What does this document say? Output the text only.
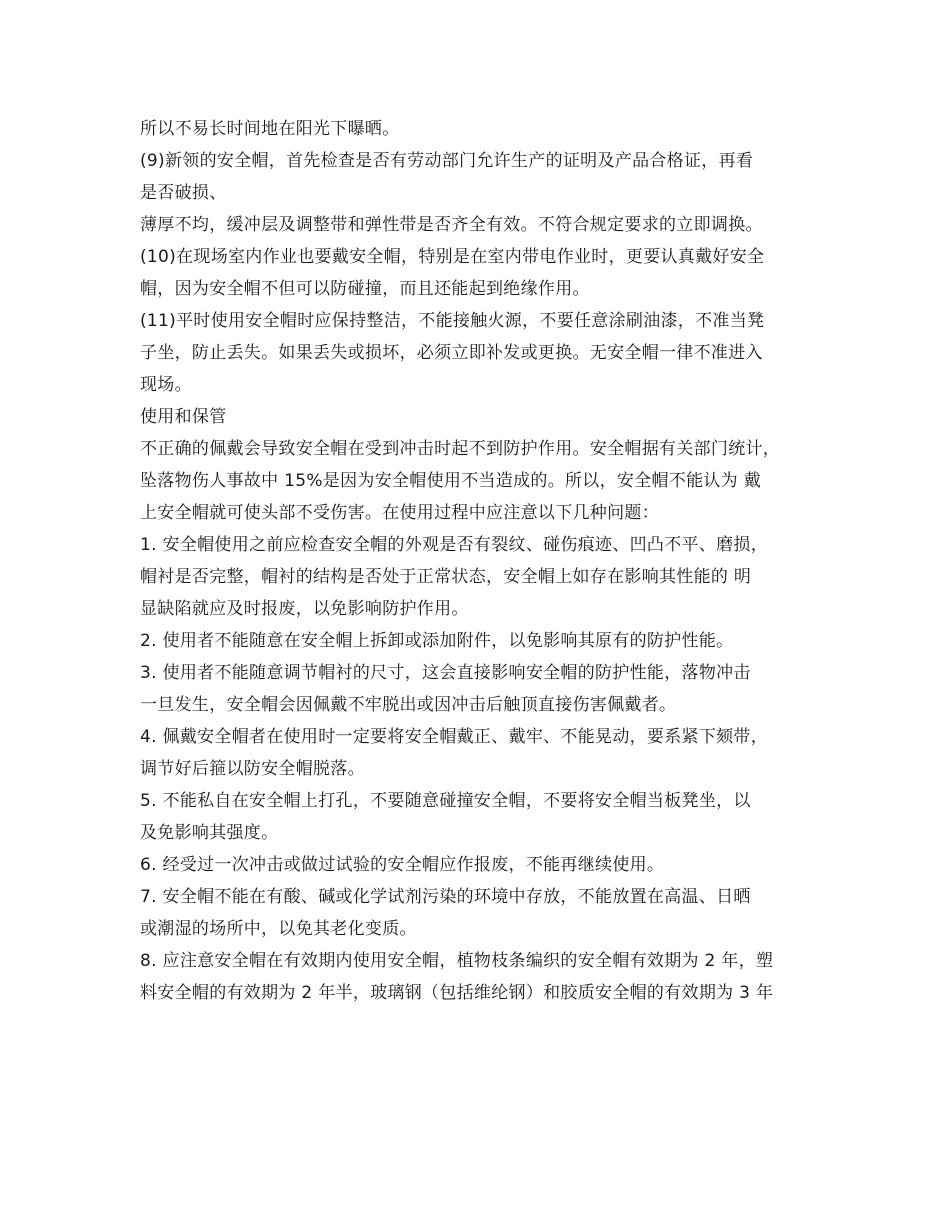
所以不易长时间地在阳光下曝晒。
(9)新领的安全帽，首先检查是否有劳动部门允许生产的证明及产品合格证，再看
是否破损、
薄厚不均，缓冲层及调整带和弹性带是否齐全有效。不符合规定要求的立即调换。
(10)在现场室内作业也要戴安全帽，特别是在室内带电作业时，更要认真戴好安全
帽，因为安全帽不但可以防碰撞，而且还能起到绝缘作用。
(11)平时使用安全帽时应保持整洁，不能接触火源，不要任意涂刷油漆，不准当凳
子坐，防止丢失。如果丢失或损坏，必须立即补发或更换。无安全帽一律不准进入
现场。
使用和保管
不正确的佩戴会导致安全帽在受到冲击时起不到防护作用。安全帽据有关部门统计，
坠落物伤人事故中 15%是因为安全帽使用不当造成的。所以，安全帽不能认为 戴
上安全帽就可使头部不受伤害。在使用过程中应注意以下几种问题：
1. 安全帽使用之前应检查安全帽的外观是否有裂纹、碰伤痕迹、凹凸不平、磨损，
帽衬是否完整，帽衬的结构是否处于正常状态，安全帽上如存在影响其性能的 明
显缺陷就应及时报废，以免影响防护作用。
2. 使用者不能随意在安全帽上拆卸或添加附件，以免影响其原有的防护性能。
3. 使用者不能随意调节帽衬的尺寸，这会直接影响安全帽的防护性能，落物冲击
一旦发生，安全帽会因佩戴不牢脱出或因冲击后触顶直接伤害佩戴者。
4. 佩戴安全帽者在使用时一定要将安全帽戴正、戴牢、不能晃动，要系紧下颏带，
调节好后箍以防安全帽脱落。
5. 不能私自在安全帽上打孔，不要随意碰撞安全帽，不要将安全帽当板凳坐，以
及免影响其强度。
6. 经受过一次冲击或做过试验的安全帽应作报废，不能再继续使用。
7. 安全帽不能在有酸、碱或化学试剂污染的环境中存放，不能放置在高温、日晒
或潮湿的场所中，以免其老化变质。
8. 应注意安全帽在有效期内使用安全帽，植物枝条编织的安全帽有效期为 2 年，塑
料安全帽的有效期为 2 年半，玻璃钢（包括维纶钢）和胶质安全帽的有效期为 3 年
